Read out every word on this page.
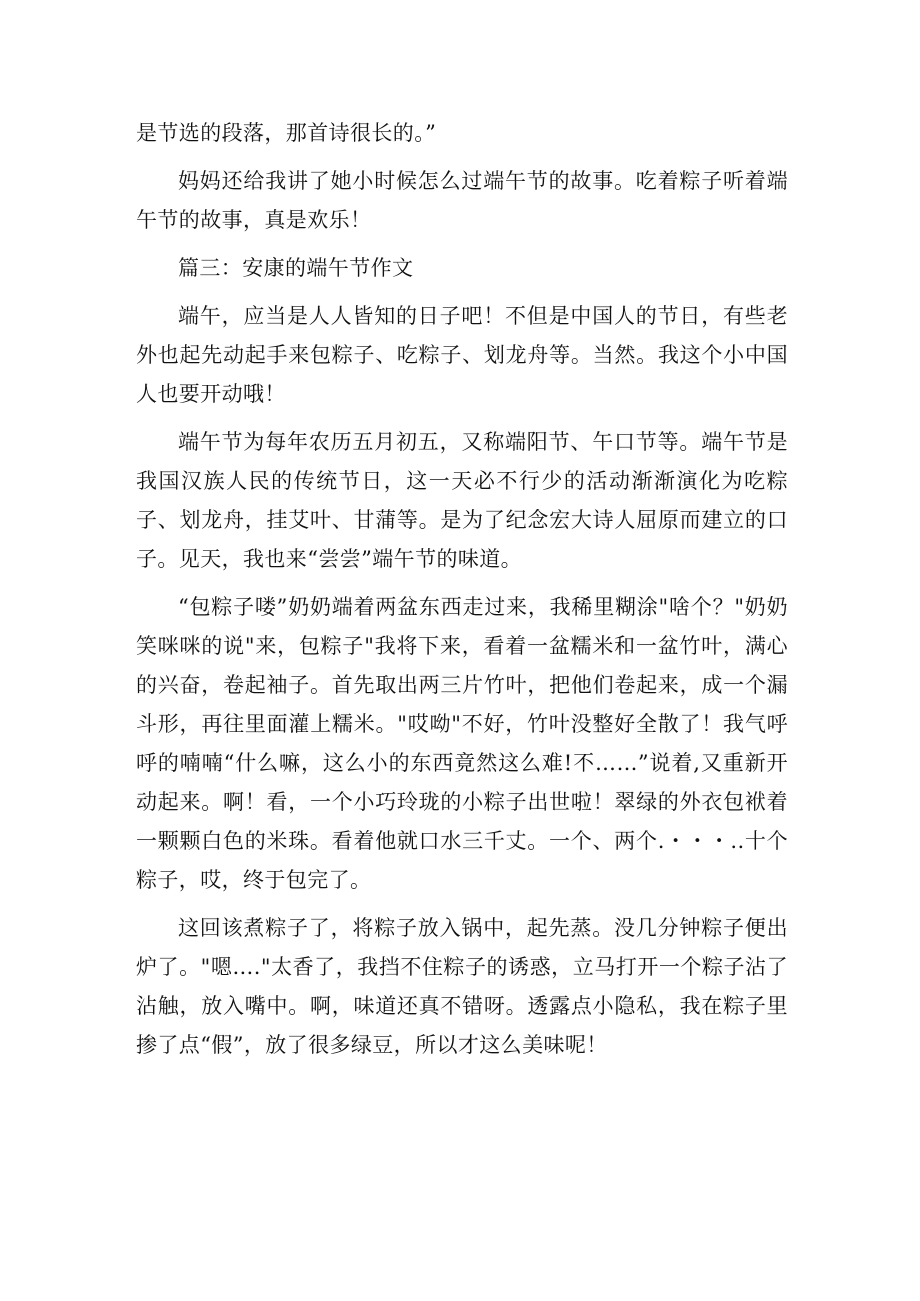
是节选的段落，那首诗很长的。”

妈妈还给我讲了她小时候怎么过端午节的故事。吃着粽子听着端午节的故事，真是欢乐！

篇三：安康的端午节作文

端午，应当是人人皆知的日子吧！不但是中国人的节日，有些老外也起先动起手来包粽子、吃粽子、划龙舟等。当然。我这个小中国人也要开动哦！

端午节为每年农历五月初五，又称端阳节、午口节等。端午节是我国汉族人民的传统节日，这一天必不行少的活动渐渐演化为吃粽子、划龙舟，挂艾叶、甘蒲等。是为了纪念宏大诗人屈原而建立的口子。见天，我也来“尝尝”端午节的味道。

“包粽子喽”奶奶端着两盆东西走过来，我稀里糊涂"啥个？"奶奶笑咪咪的说"来，包粽子"我将下来，看着一盆糯米和一盆竹叶，满心的兴奋，卷起袖子。首先取出两三片竹叶，把他们卷起来，成一个漏斗形，再往里面灌上糯米。"哎呦"不好，竹叶没整好全散了！我气呼呼的喃喃“什么嘛，这么小的东西竟然这么难!不……”说着,又重新开动起来。啊！看，一个小巧玲珑的小粽子出世啦！翠绿的外衣包袱着一颗颗白色的米珠。看着他就口水三千丈。一个、两个.・・・..十个粽子，哎，终于包完了。

这回该煮粽子了，将粽子放入锅中，起先蒸。没几分钟粽子便出炉了。"嗯…."太香了，我挡不住粽子的诱惑，立马打开一个粽子沾了沾触，放入嘴中。啊，味道还真不错呀。透露点小隐私，我在粽子里掺了点“假”，放了很多绿豆，所以才这么美味呢！
